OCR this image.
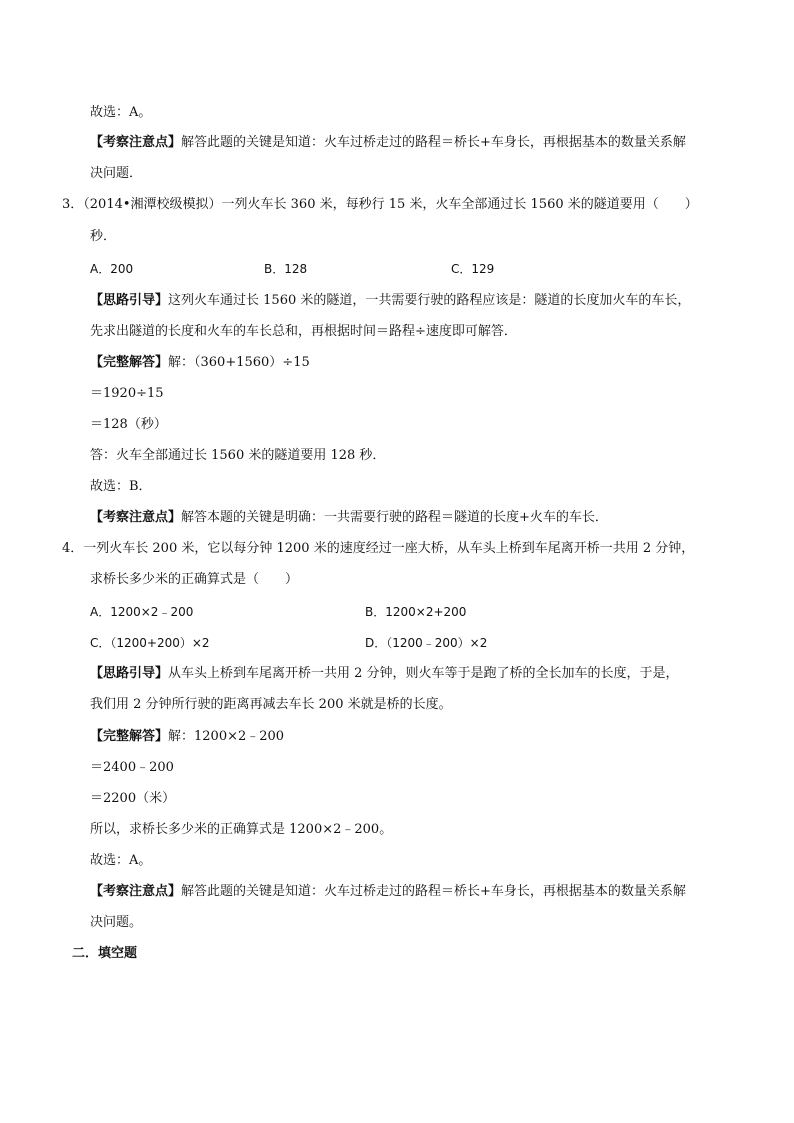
故选：A。
【考察注意点】解答此题的关键是知道：火车过桥走过的路程＝桥长+车身长，再根据基本的数量关系解
决问题．
3．（2014•湘潭校级模拟）一列火车长 360 米，每秒行 15 米，火车全部通过长 1560 米的隧道要用（　　）
秒．
A．200	B．128	C．129
【思路引导】这列火车通过长 1560 米的隧道，一共需要行驶的路程应该是：隧道的长度加火车的车长，
先求出隧道的长度和火车的车长总和，再根据时间＝路程÷速度即可解答．
【完整解答】解：（360+1560）÷15
＝1920÷15
＝128（秒）
答：火车全部通过长 1560 米的隧道要用 128 秒．
故选：B．
【考察注意点】解答本题的关键是明确：一共需要行驶的路程＝隧道的长度+火车的车长．
4．一列火车长 200 米，它以每分钟 1200 米的速度经过一座大桥，从车头上桥到车尾离开桥一共用 2 分钟，
求桥长多少米的正确算式是（　　）
A．1200×2﹣200	B．1200×2+200
C．（1200+200）×2	D．（1200﹣200）×2
【思路引导】从车头上桥到车尾离开桥一共用 2 分钟，则火车等于是跑了桥的全长加车的长度，于是，
我们用 2 分钟所行驶的距离再减去车长 200 米就是桥的长度。
【完整解答】解：1200×2﹣200
＝2400﹣200
＝2200（米）
所以，求桥长多少米的正确算式是 1200×2﹣200。
故选：A。
【考察注意点】解答此题的关键是知道：火车过桥走过的路程＝桥长+车身长，再根据基本的数量关系解
决问题。
二．填空题
